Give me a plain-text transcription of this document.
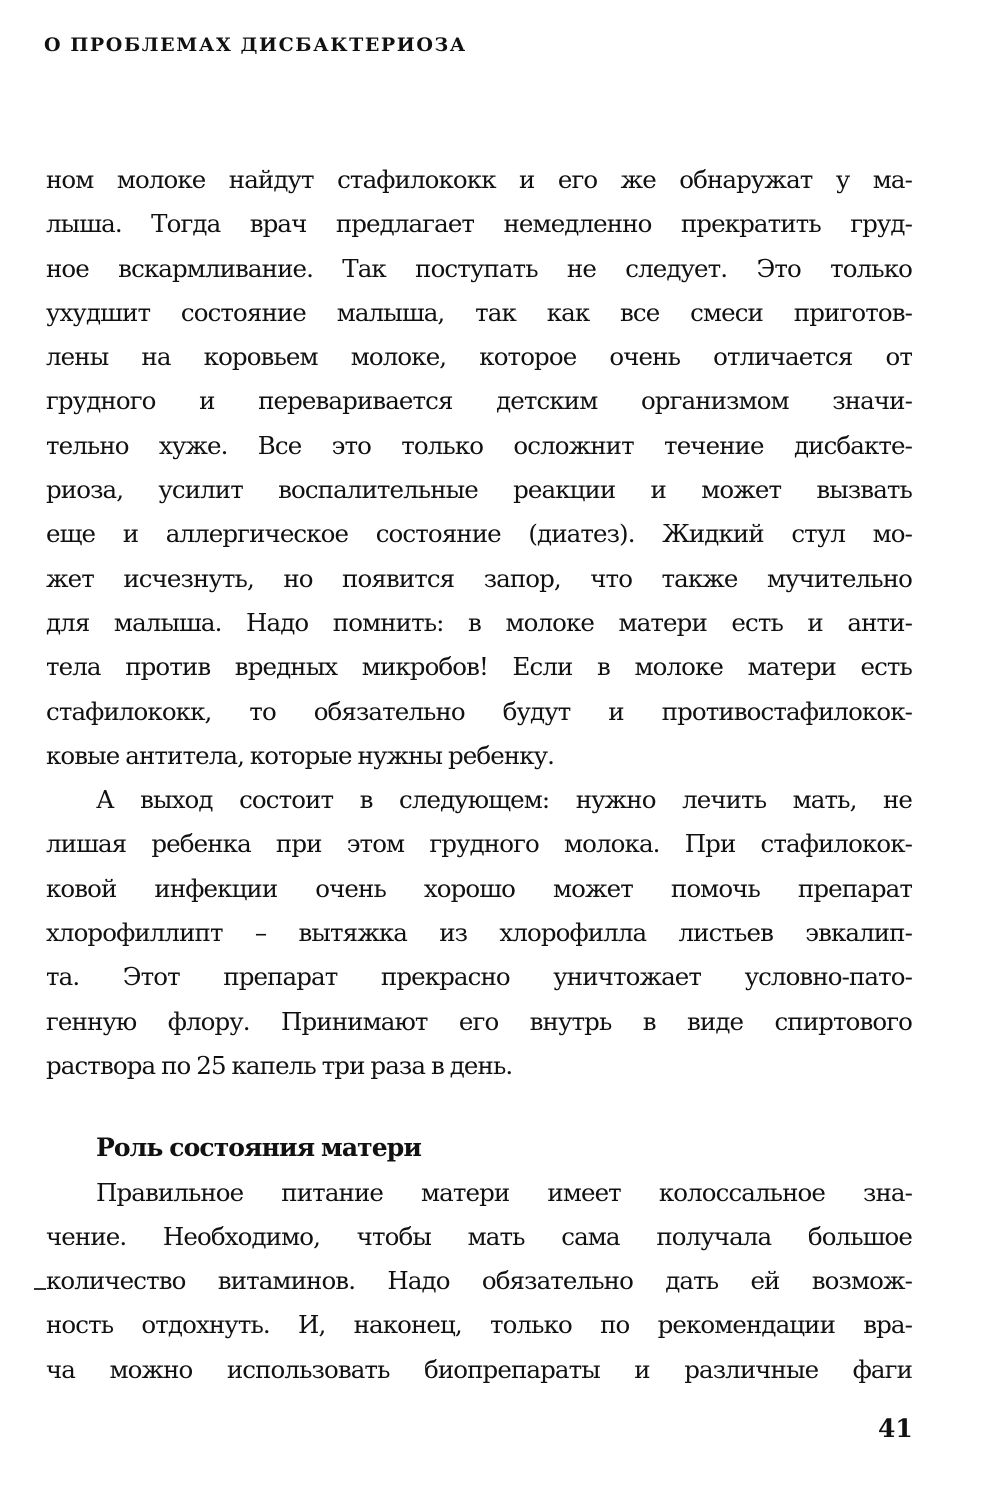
О ПРОБЛЕМАХ ДИСБАКТЕРИОЗА
ном молоке найдут стафилококк и его же обнаружат у ма-
лыша. Тогда врач предлагает немедленно прекратить груд-
ное вскармливание. Так поступать не следует. Это только
ухудшит состояние малыша, так как все смеси приготов-
лены на коровьем молоке, которое очень отличается от
грудного и переваривается детским организмом значи-
тельно хуже. Все это только осложнит течение дисбакте-
риоза, усилит воспалительные реакции и может вызвать
еще и аллергическое состояние (диатез). Жидкий стул мо-
жет исчезнуть, но появится запор, что также мучительно
для малыша. Надо помнить: в молоке матери есть и анти-
тела против вредных микробов! Если в молоке матери есть
стафилококк, то обязательно будут и противостафилокок-
ковые антитела, которые нужны ребенку.
А выход состоит в следующем: нужно лечить мать, не
лишая ребенка при этом грудного молока. При стафилокок-
ковой инфекции очень хорошо может помочь препарат
хлорофиллипт – вытяжка из хлорофилла листьев эвкалип-
та. Этот препарат прекрасно уничтожает условно-пато-
генную флору. Принимают его внутрь в виде спиртового
раствора по 25 капель три раза в день.
Роль состояния матери
Правильное питание матери имеет колоссальное зна-
чение. Необходимо, чтобы мать сама получала большое
количество витаминов. Надо обязательно дать ей возмож-
ность отдохнуть. И, наконец, только по рекомендации вра-
ча можно использовать биопрепараты и различные фаги
41
